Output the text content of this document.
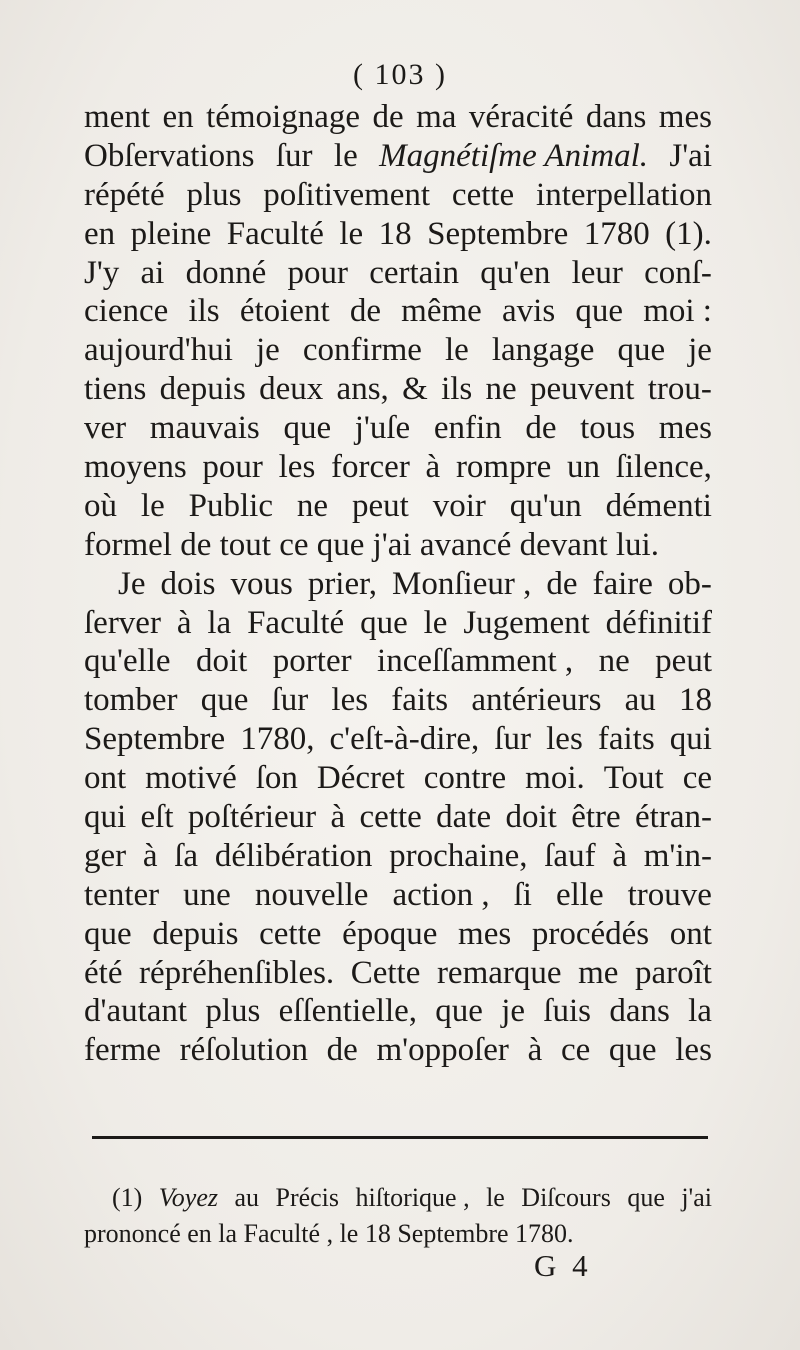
( 103 )
ment en témoignage de ma véracité dans mes
Obſervations ſur le Magnétiſme Animal. J'ai
répété plus poſitivement cette interpellation
en pleine Faculté le 18 Septembre 1780 (1).
J'y ai donné pour certain qu'en leur conſ-
cience ils étoient de même avis que moi :
aujourd'hui je confirme le langage que je
tiens depuis deux ans, & ils ne peuvent trou-
ver mauvais que j'uſe enfin de tous mes
moyens pour les forcer à rompre un ſilence,
où le Public ne peut voir qu'un démenti
formel de tout ce que j'ai avancé devant lui.
Je dois vous prier, Monſieur , de faire ob-
ſerver à la Faculté que le Jugement définitif
qu'elle doit porter inceſſamment , ne peut
tomber que ſur les faits antérieurs au 18
Septembre 1780, c'eſt-à-dire, ſur les faits qui
ont motivé ſon Décret contre moi. Tout ce
qui eſt poſtérieur à cette date doit être étran-
ger à ſa délibération prochaine, ſauf à m'in-
tenter une nouvelle action , ſi elle trouve
que depuis cette époque mes procédés ont
été répréhenſibles. Cette remarque me paroît
d'autant plus eſſentielle, que je ſuis dans la
ferme réſolution de m'oppoſer à ce que les
(1) Voyez au Précis hiſtorique , le Diſcours que j'ai
prononcé en la Faculté , le 18 Septembre 1780.
G 4
